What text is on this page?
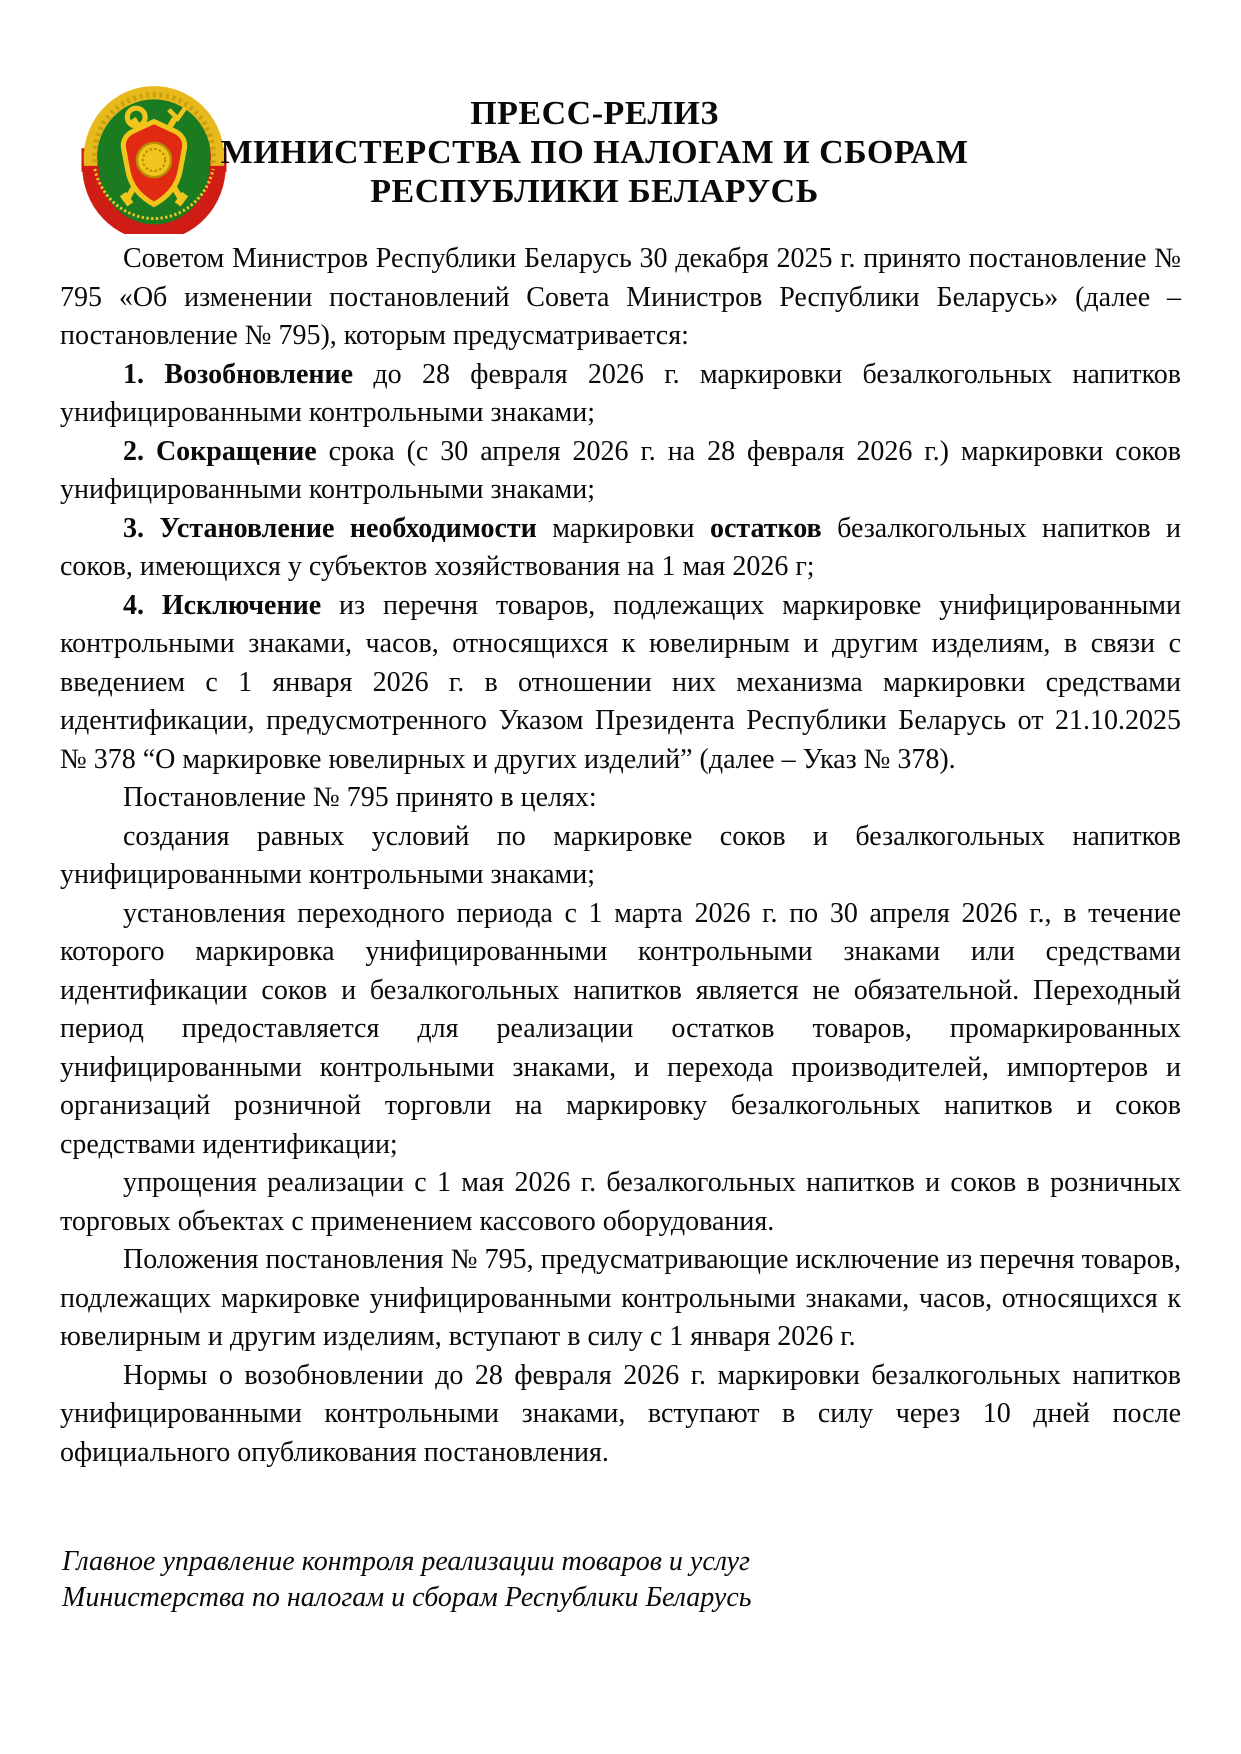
ПРЕСС-РЕЛИЗ
МИНИСТЕРСТВА ПО НАЛОГАМ И СБОРАМ
РЕСПУБЛИКИ БЕЛАРУСЬ

Советом Министров Республики Беларусь 30 декабря 2025 г. принято постановление № 795 «Об изменении постановлений Совета Министров Республики Беларусь» (далее – постановление № 795), которым предусматривается:

1. Возобновление до 28 февраля 2026 г. маркировки безалкогольных напитков унифицированными контрольными знаками;

2. Сокращение срока (с 30 апреля 2026 г. на 28 февраля 2026 г.) маркировки соков унифицированными контрольными знаками;

3. Установление необходимости маркировки остатков безалкогольных напитков и соков, имеющихся у субъектов хозяйствования на 1 мая 2026 г;

4. Исключение из перечня товаров, подлежащих маркировке унифицированными контрольными знаками, часов, относящихся к ювелирным и другим изделиям, в связи с введением с 1 января 2026 г. в отношении них механизма маркировки средствами идентификации, предусмотренного Указом Президента Республики Беларусь от 21.10.2025 № 378 “О маркировке ювелирных и других изделий” (далее – Указ № 378).

Постановление № 795 принято в целях:

создания равных условий по маркировке соков и безалкогольных напитков унифицированными контрольными знаками;

установления переходного периода с 1 марта 2026 г. по 30 апреля 2026 г., в течение которого маркировка унифицированными контрольными знаками или средствами идентификации соков и безалкогольных напитков является не обязательной. Переходный период предоставляется для реализации остатков товаров, промаркированных унифицированными контрольными знаками, и перехода производителей, импортеров и организаций розничной торговли на маркировку безалкогольных напитков и соков средствами идентификации;

упрощения реализации с 1 мая 2026 г. безалкогольных напитков и соков в розничных торговых объектах с применением кассового оборудования.

Положения постановления № 795, предусматривающие исключение из перечня товаров, подлежащих маркировке унифицированными контрольными знаками, часов, относящихся к ювелирным и другим изделиям, вступают в силу с 1 января 2026 г.

Нормы о возобновлении до 28 февраля 2026 г. маркировки безалкогольных напитков унифицированными контрольными знаками, вступают в силу через 10 дней после официального опубликования постановления.

Главное управление контроля реализации товаров и услуг
Министерства по налогам и сборам Республики Беларусь
